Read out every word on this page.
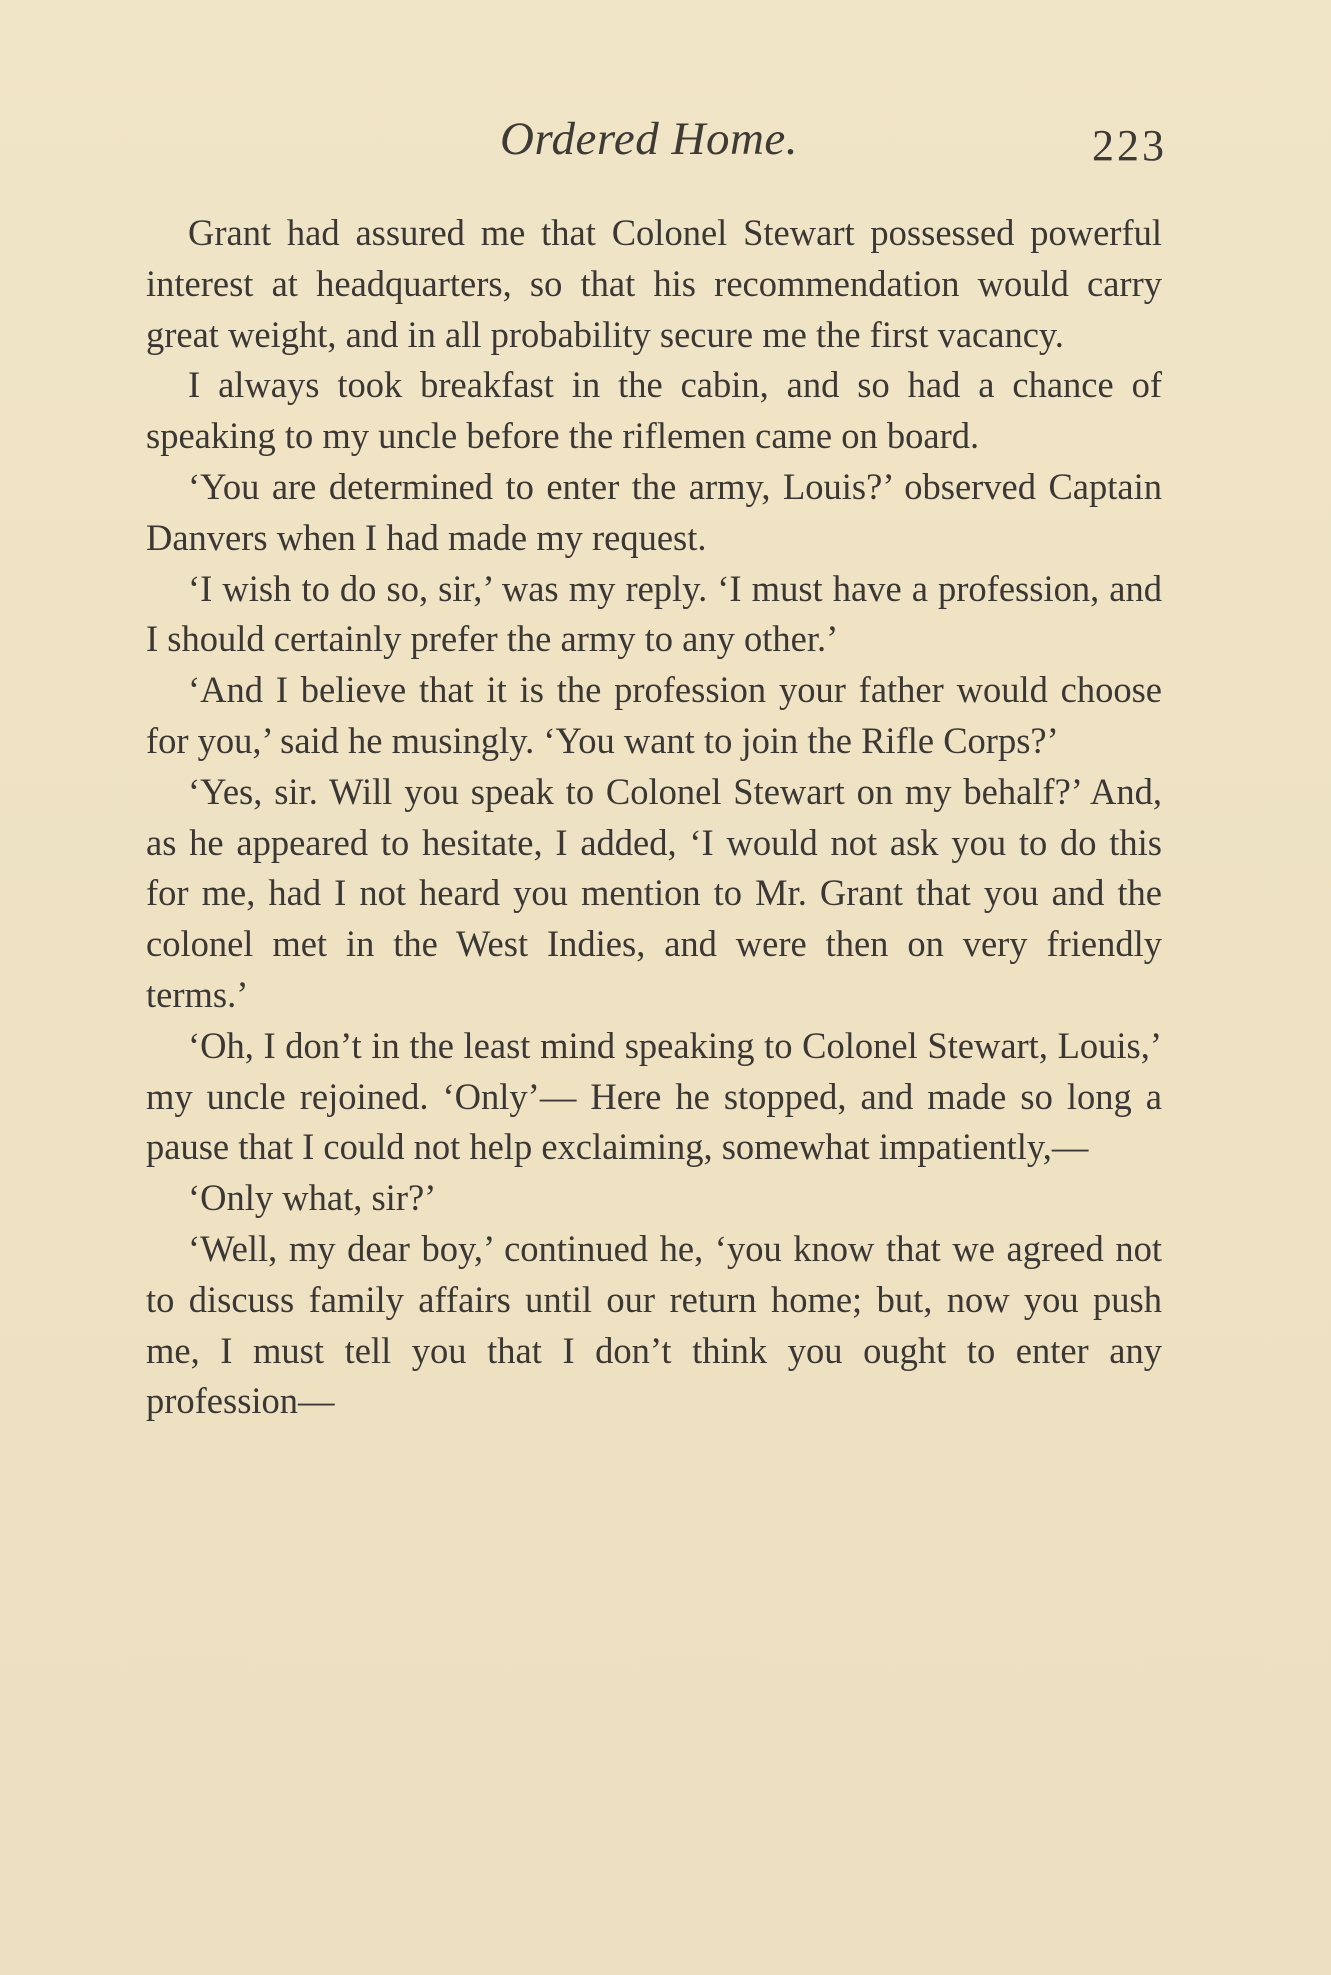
Ordered Home.	223

Grant had assured me that Colonel Stewart possessed powerful interest at headquarters, so that his recommendation would carry great weight, and in all probability secure me the first vacancy.

I always took breakfast in the cabin, and so had a chance of speaking to my uncle before the riflemen came on board.

‘You are determined to enter the army, Louis?’ observed Captain Danvers when I had made my request.

‘I wish to do so, sir,’ was my reply. ‘I must have a profession, and I should certainly prefer the army to any other.’

‘And I believe that it is the profession your father would choose for you,’ said he musingly. ‘You want to join the Rifle Corps?’

‘Yes, sir. Will you speak to Colonel Stewart on my behalf?’ And, as he appeared to hesitate, I added, ‘I would not ask you to do this for me, had I not heard you mention to Mr. Grant that you and the colonel met in the West Indies, and were then on very friendly terms.’

‘Oh, I don’t in the least mind speaking to Colonel Stewart, Louis,’ my uncle rejoined. ‘Only’— Here he stopped, and made so long a pause that I could not help exclaiming, somewhat impatiently,—

‘Only what, sir?’

‘Well, my dear boy,’ continued he, ‘you know that we agreed not to discuss family affairs until our return home; but, now you push me, I must tell you that I don’t think you ought to enter any profession—
